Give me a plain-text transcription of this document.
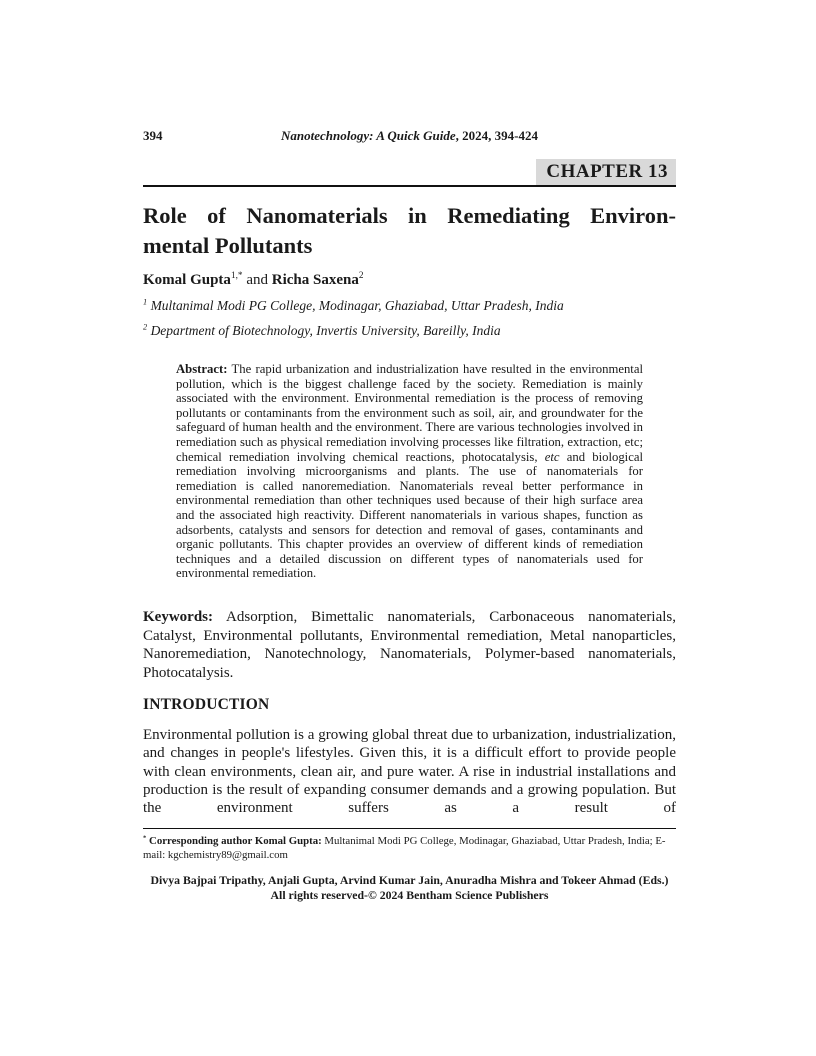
394	Nanotechnology: A Quick Guide, 2024, 394-424
CHAPTER 13
Role of Nanomaterials in Remediating Environ-
mental Pollutants
Komal Gupta$^{1,*}$ and Richa Saxena$^2$
$^1$ Multanimal Modi PG College, Modinagar, Ghaziabad, Uttar Pradesh, India
$^2$ Department of Biotechnology, Invertis University, Bareilly, India
Abstract: The rapid urbanization and industrialization have resulted in the environmental pollution, which is the biggest challenge faced by the society. Remediation is mainly associated with the environment. Environmental remediation is the process of removing pollutants or contaminants from the environment such as soil, air, and groundwater for the safeguard of human health and the environment. There are various technologies involved in remediation such as physical remediation involving processes like filtration, extraction, etc; chemical remediation involving chemical reactions, photocatalysis, etc and biological remediation involving microorganisms and plants. The use of nanomaterials for remediation is called nanoremediation. Nanomaterials reveal better performance in environmental remediation than other techniques used because of their high surface area and the associated high reactivity. Different nanomaterials in various shapes, function as adsorbents, catalysts and sensors for detection and removal of gases, contaminants and organic pollutants. This chapter provides an overview of different kinds of remediation techniques and a detailed discussion on different types of nanomaterials used for environmental remediation.
Keywords: Adsorption, Bimettalic nanomaterials, Carbonaceous nanomaterials, Catalyst, Environmental pollutants, Environmental remediation, Metal nanoparticles, Nanoremediation, Nanotechnology, Nanomaterials, Polymer-based nanomaterials, Photocatalysis.
INTRODUCTION

Environmental pollution is a growing global threat due to urbanization, industrialization, and changes in people's lifestyles. Given this, it is a difficult effort to provide people with clean environments, clean air, and pure water. A rise in industrial installations and production is the result of expanding consumer demands and a growing population. But the environment suffers as a result of

* Corresponding author Komal Gupta: Multanimal Modi PG College, Modinagar, Ghaziabad, Uttar Pradesh, India; E-mail: kgchemistry89@gmail.com
Divya Bajpai Tripathy, Anjali Gupta, Arvind Kumar Jain, Anuradha Mishra and Tokeer Ahmad (Eds.)
All rights reserved-© 2024 Bentham Science Publishers
